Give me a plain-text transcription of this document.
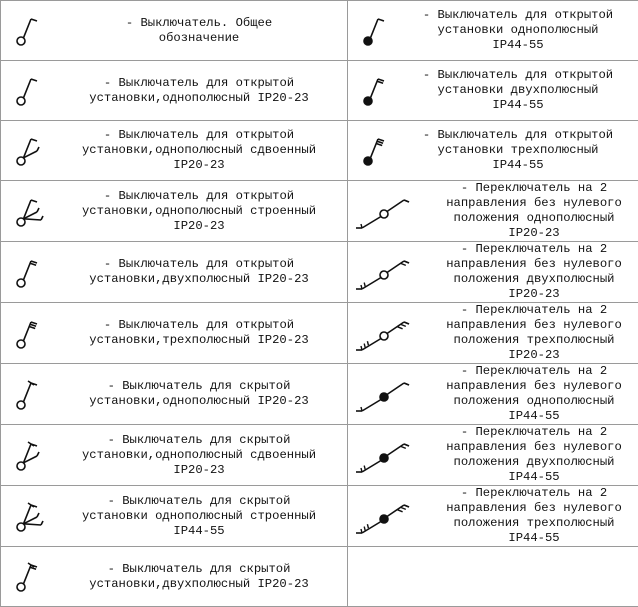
- Выключатель. Общее
обозначение	- Выключатель для открытой
установки однополюсный
IP44-55

- Выключатель для открытой
установки,однополюсный IP20-23	- Выключатель для открытой
установки двухполюсный
IP44-55

- Выключатель для открытой
установки,однополюсный сдвоенный
IP20-23	- Выключатель для открытой
установки трехполюсный
IP44-55

- Выключатель для открытой
установки,однополюсный строенный
IP20-23	- Переключатель на 2
направления без нулевого
положения однополюсный IP20-23

- Выключатель для открытой
установки,двухполюсный IP20-23	- Переключатель на 2
направления без нулевого
положения двухполюсный IP20-23

- Выключатель для открытой
установки,трехполюсный IP20-23	- Переключатель на 2
направления без нулевого
положения трехполюсный IP20-23

- Выключатель для скрытой
установки,однополюсный IP20-23	- Переключатель на 2
направления без нулевого
положения однополюсный IP44-55

- Выключатель для скрытой
установки,однополюсный сдвоенный
IP20-23	- Переключатель на 2
направления без нулевого
положения двухполюсный IP44-55

- Выключатель для скрытой
установки однополюсный строенный
IP44-55	- Переключатель на 2
направления без нулевого
положения трехполюсный IP44-55

- Выключатель для скрытой
установки,двухполюсный IP20-23
